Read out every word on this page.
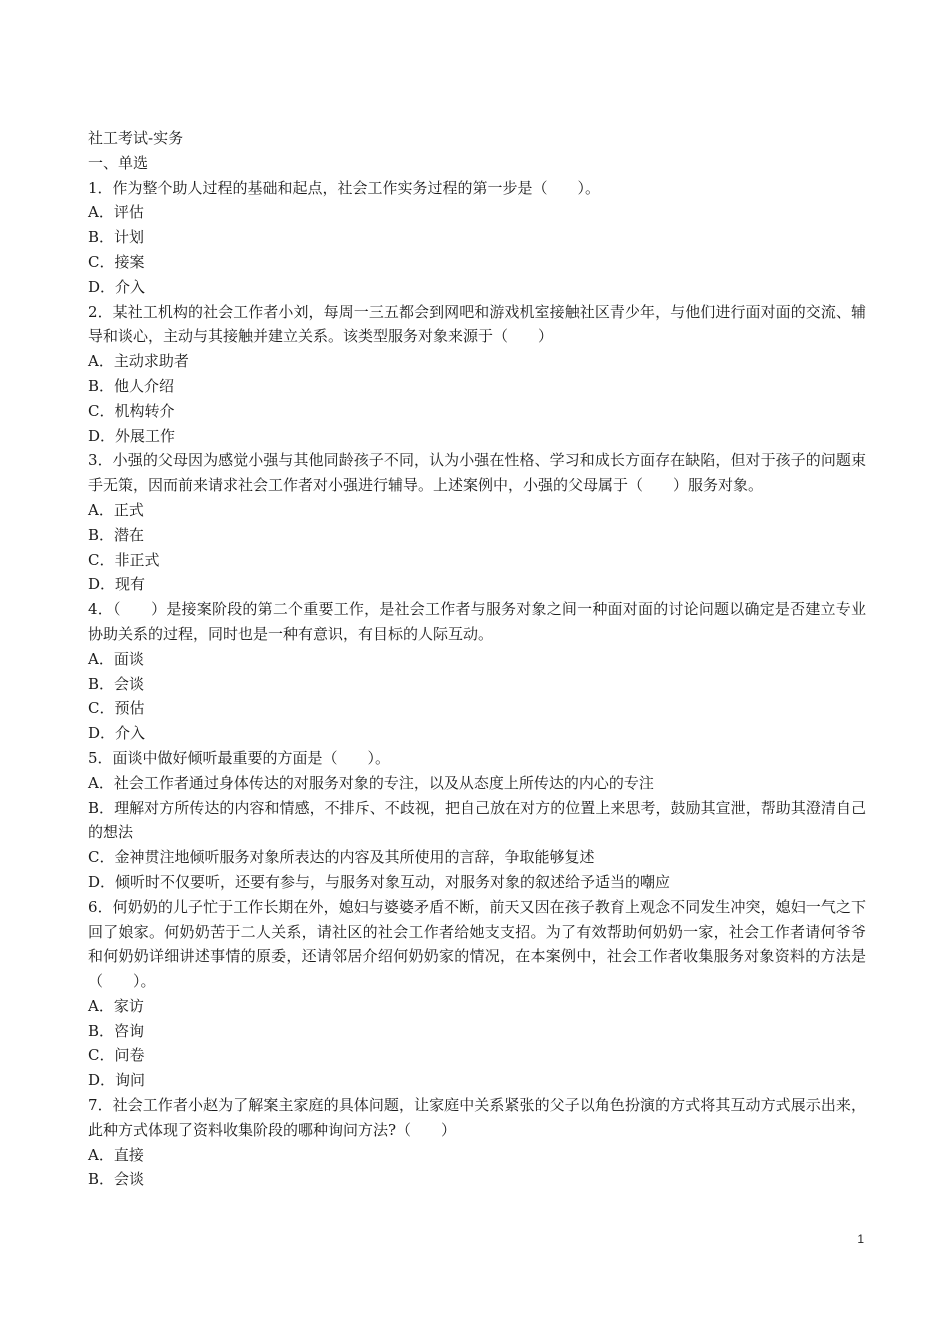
社工考试-实务
一、单选
1．作为整个助人过程的基础和起点，社会工作实务过程的第一步是（　　）。
A．评估
B．计划
C．接案
D．介入
2．某社工机构的社会工作者小刘，每周一三五都会到网吧和游戏机室接触社区青少年，与他们进行面对面的交流、辅导和谈心，主动与其接触并建立关系。该类型服务对象来源于（　　）
A．主动求助者
B．他人介绍
C．机构转介
D．外展工作
3．小强的父母因为感觉小强与其他同龄孩子不同，认为小强在性格、学习和成长方面存在缺陷，但对于孩子的问题束手无策，因而前来请求社会工作者对小强进行辅导。上述案例中，小强的父母属于（　　）服务对象。
A．正式
B．潜在
C．非正式
D．现有
4．（　　）是接案阶段的第二个重要工作，是社会工作者与服务对象之间一种面对面的讨论问题以确定是否建立专业协助关系的过程，同时也是一种有意识，有目标的人际互动。
A．面谈
B．会谈
C．预估
D．介入
5．面谈中做好倾听最重要的方面是（　　）。
A．社会工作者通过身体传达的对服务对象的专注，以及从态度上所传达的内心的专注
B．理解对方所传达的内容和情感，不排斥、不歧视，把自己放在对方的位置上来思考，鼓励其宣泄，帮助其澄清自己的想法
C．金神贯注地倾听服务对象所表达的内容及其所使用的言辞，争取能够复述
D．倾听时不仅要听，还要有参与，与服务对象互动，对服务对象的叙述给予适当的嘲应
6．何奶奶的儿子忙于工作长期在外，媳妇与婆婆矛盾不断，前天又因在孩子教育上观念不同发生冲突，媳妇一气之下回了娘家。何奶奶苦于二人关系，请社区的社会工作者给她支支招。为了有效帮助何奶奶一家，社会工作者请何爷爷和何奶奶详细讲述事情的原委，还请邻居介绍何奶奶家的情况，在本案例中，社会工作者收集服务对象资料的方法是（　　）。
A．家访
B．咨询
C．问卷
D．询问
7．社会工作者小赵为了解案主家庭的具体问题，让家庭中关系紧张的父子以角色扮演的方式将其互动方式展示出来，此种方式体现了资料收集阶段的哪种询问方法?（　　）
A．直接
B．会谈
1
